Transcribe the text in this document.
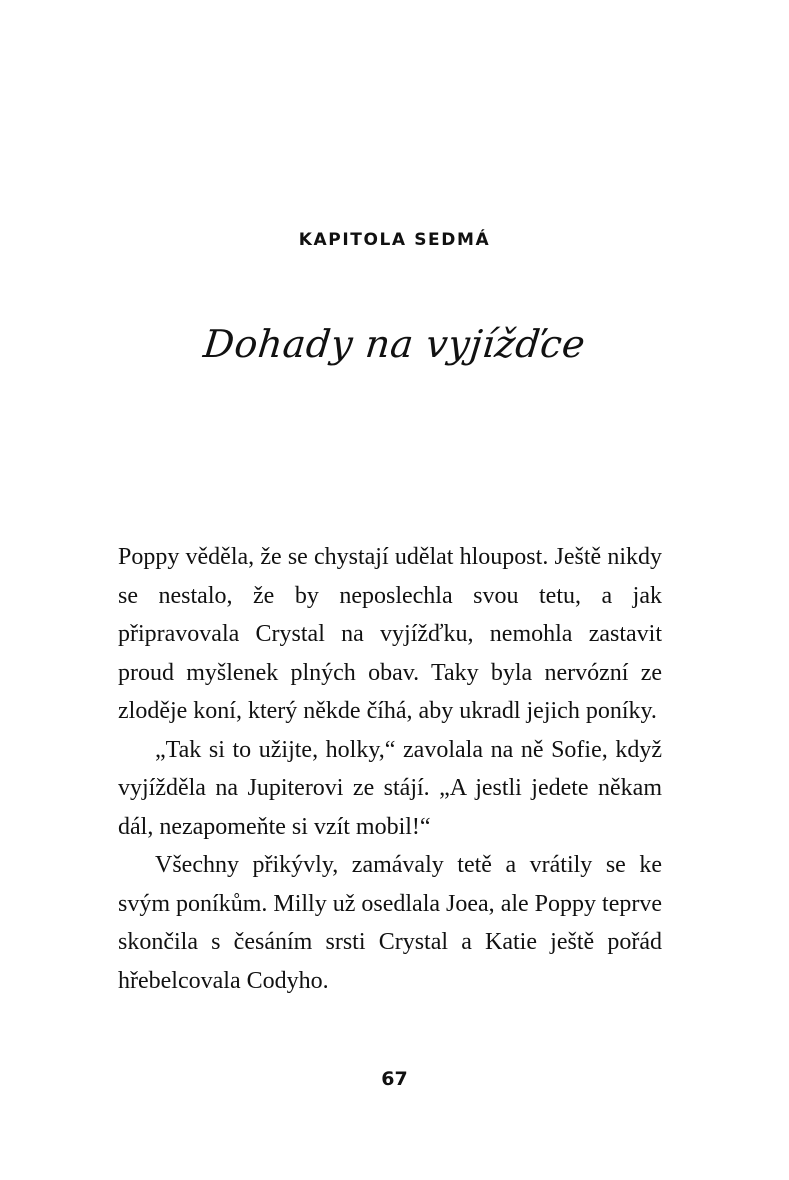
KAPITOLA SEDMÁ
Dohady na vyjížďce

Poppy věděla, že se chystají udělat hloupost. Ještě nikdy se nestalo, že by neposlechla svou tetu, a jak připravovala Crystal na vyjížďku, nemohla zastavit proud myšlenek plných obav. Taky byla nervózní ze zloděje koní, který někde číhá, aby ukradl jejich poníky.

„Tak si to užijte, holky,“ zavolala na ně Sofie, když vyjížděla na Jupiterovi ze stájí. „A jestli jedete někam dál, nezapomeňte si vzít mobil!“

Všechny přikývly, zamávaly tetě a vrátily se ke svým poníkům. Milly už osedlala Joea, ale Poppy teprve skončila s česáním srsti Crystal a Katie ještě pořád hřebelcovala Codyho.

67
